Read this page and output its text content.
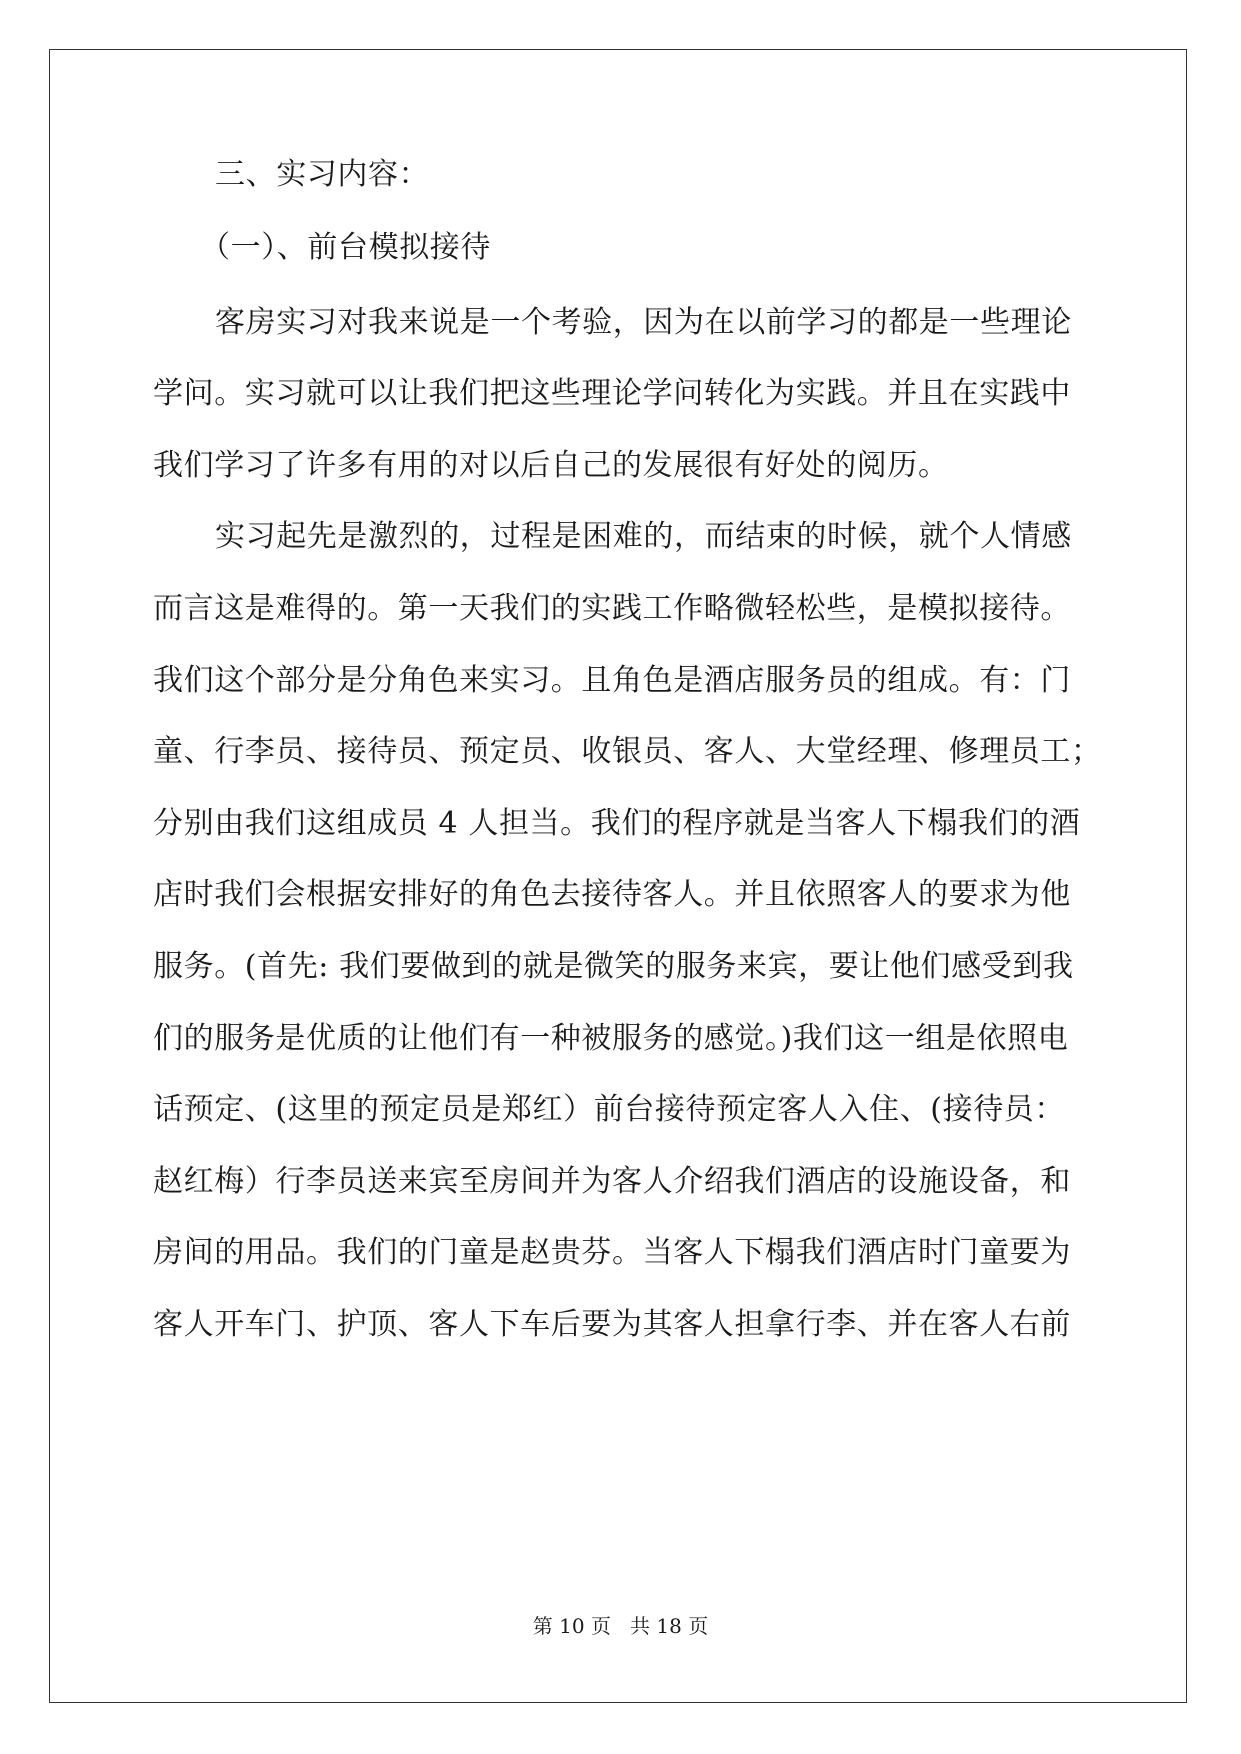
三、实习内容：
（一）、前台模拟接待
客房实习对我来说是一个考验，因为在以前学习的都是一些理论
学问。实习就可以让我们把这些理论学问转化为实践。并且在实践中
我们学习了许多有用的对以后自己的发展很有好处的阅历。
实习起先是激烈的，过程是困难的，而结束的时候，就个人情感
而言这是难得的。第一天我们的实践工作略微轻松些，是模拟接待。
我们这个部分是分角色来实习。且角色是酒店服务员的组成。有：门
童、行李员、接待员、预定员、收银员、客人、大堂经理、修理员工；
分别由我们这组成员 4 人担当。我们的程序就是当客人下榻我们的酒
店时我们会根据安排好的角色去接待客人。并且依照客人的要求为他
服务。(首先: 我们要做到的就是微笑的服务来宾，要让他们感受到我
们的服务是优质的让他们有一种被服务的感觉。)我们这一组是依照电
话预定、(这里的预定员是郑红）前台接待预定客人入住、(接待员：
赵红梅）行李员送来宾至房间并为客人介绍我们酒店的设施设备，和
房间的用品。我们的门童是赵贵芬。当客人下榻我们酒店时门童要为
客人开车门、护顶、客人下车后要为其客人担拿行李、并在客人右前
第 10 页   共 18 页
